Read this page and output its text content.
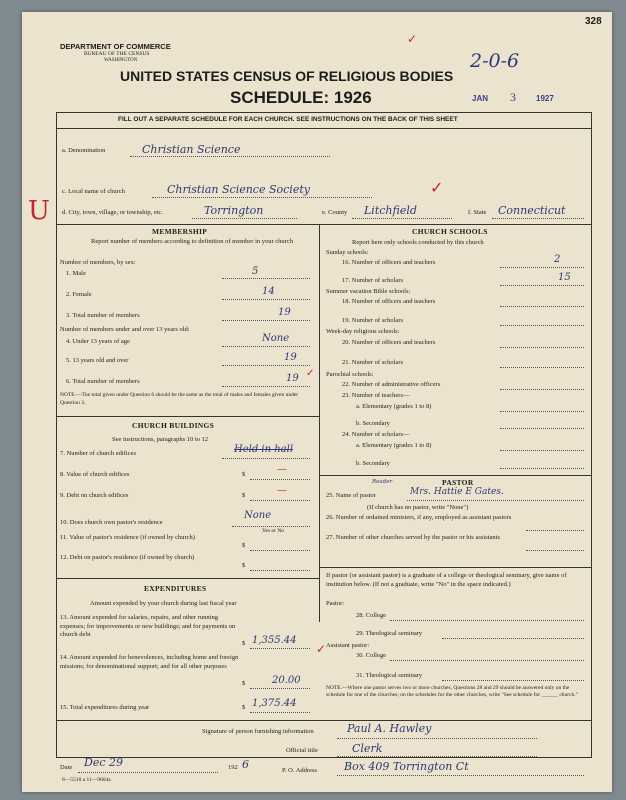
DEPARTMENT OF COMMERCE
BUREAU OF THE CENSUS
WASHINGTON
UNITED STATES CENSUS OF RELIGIOUS BODIES
SCHEDULE: 1926
2-0-6
328
JAN 3	1927
✓
FILL OUT A SEPARATE SCHEDULE FOR EACH CHURCH. SEE INSTRUCTIONS ON THE BACK OF THIS SHEET
a. Denomination	Christian Science
c. Local name of church	Christian Science Society	✓
d. City, town, village, or township, etc.	Torrington	e. County Litchfield	f. State Connecticut
U
MEMBERSHIP
Report number of members according to definition of member in your church
Number of members, by sex:
1. Male	5
2. Female	14
3. Total number of members	19
Number of members under and over 13 years old:
4. Under 13 years of age	None
5. 13 years old and over	19
6. Total number of members	19 ✓
NOTE.—The total given under Question 6 should be the same as the total of males and females given under Question 3.
CHURCH BUILDINGS
See instructions, paragraphs 10 to 12
7. Number of church edifices	Held in hall
8. Value of church edifices	$	—
9. Debt on church edifices	$	—
10. Does church own pastor's residence
None
Yes or No
11. Value of pastor's residence (if owned by church)
$
12. Debt on pastor's residence (if owned by church)
$
EXPENDITURES
Amount expended by your church during last fiscal year
13. Amount expended for salaries, repairs, and other running expenses; for improvements or new buildings; and for payments on church debt
$ 1,355.44
14. Amount expended for benevolences, including home and foreign missions; for denominational support; and for all other purposes
$	20.00
15. Total expenditures during year	$ 1,375.44
CHURCH SCHOOLS
Report here only schools conducted by this church
Sunday schools:
16. Number of officers and teachers	2
17. Number of scholars	15
Summer vacation Bible schools:
18. Number of officers and teachers
19. Number of scholars
Week-day religious schools:
20. Number of officers and teachers
21. Number of scholars
Parochial schools:
22. Number of administrative officers
23. Number of teachers—
a. Elementary (grades 1 to 8)
b. Secondary
24. Number of scholars—
a. Elementary (grades 1 to 8)
b. Secondary
PASTOR
25. Name of pastor
Reader
Mrs. Hattie E Gates.
(If church has no pastor, write "None")
26. Number of ordained ministers, if any, employed as assistant pastors
27. Number of other churches served by the pastor or his assistants
If pastor (or assistant pastor) is a graduate of a college or theological seminary, give name of institution below. (If not a graduate, write "No" in the space indicated.)
Pastor:
28. College
29. Theological seminary
Assistant pastor:
30. College
31. Theological seminary
NOTE.—Where one pastor serves two or more churches, Questions 28 and 29 should be answered only on the schedule for one of the churches; on the schedules for the other churches, write "See schedule for ______ church."
✓
Signature of person furnishing information	Paul A. Hawley
Official title	Clerk
Date Dec 29	192 6	P. O. Address Box 409 Torrington Ct
8—5518 a 11—9604a
